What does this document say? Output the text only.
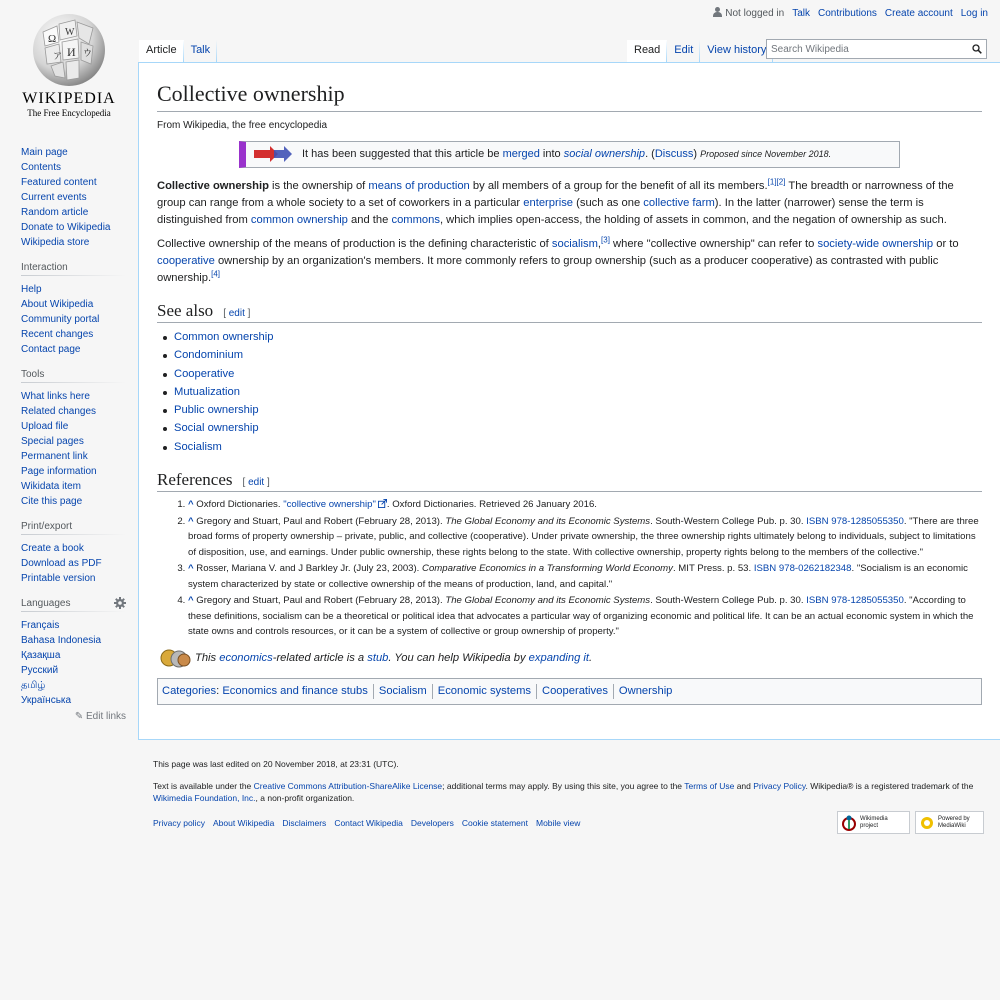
Not logged in Talk Contributions Create account Log in
Ω
W
И ウ
ア
WIKIPEDIA
The Free Encyclopedia
Main page
Contents
Featured content
Current events
Random article
Donate to Wikipedia
Wikipedia store
Interaction
Help
About Wikipedia
Community portal
Recent changes
Contact page
Tools
What links here
Related changes
Upload file
Special pages
Permanent link
Page information
Wikidata item
Cite this page
Print/export
Create a book
Download as PDF
Printable version
Languages
Français
Bahasa Indonesia
Қазақша
Русский
தமிழ்
Українська
✎ Edit links
Article	Talk	Read	Edit	View history
Search Wikipedia
Collective ownership
From Wikipedia, the free encyclopedia
It has been suggested that this article be merged into social ownership. (Discuss) Proposed since November 2018.

Collective ownership is the ownership of means of production by all members of a group for the benefit of all its members.[1][2] The breadth or narrowness of the group can range from a whole society to a set of coworkers in a particular enterprise (such as one collective farm). In the latter (narrower) sense the term is distinguished from common ownership and the commons, which implies open-access, the holding of assets in common, and the negation of ownership as such.

Collective ownership of the means of production is the defining characteristic of socialism,[3] where "collective ownership" can refer to society-wide ownership or to cooperative ownership by an organization's members. It more commonly refers to group ownership (such as a producer cooperative) as contrasted with public ownership.[4]

See also [ edit ]
Common ownership
Condominium
Cooperative
Mutualization
Public ownership
Social ownership
Socialism
References [ edit ]
1. ^ Oxford Dictionaries. "collective ownership" . Oxford Dictionaries. Retrieved 26 January 2016.
2. ^ Gregory and Stuart, Paul and Robert (February 28, 2013). The Global Economy and its Economic Systems. South-Western College Pub. p. 30. ISBN 978-1285055350. "There are three broad forms of property ownership – private, public, and collective (cooperative). Under private ownership, the three ownership rights ultimately belong to individuals, subject to limitations of disposition, use, and earnings. Under public ownership, these rights belong to the state. With collective ownership, property rights belong to the members of the collective."
3. ^ Rosser, Mariana V. and J Barkley Jr. (July 23, 2003). Comparative Economics in a Transforming World Economy. MIT Press. p. 53. ISBN 978-0262182348. "Socialism is an economic system characterized by state or collective ownership of the means of production, land, and capital."
4. ^ Gregory and Stuart, Paul and Robert (February 28, 2013). The Global Economy and its Economic Systems. South-Western College Pub. p. 30. ISBN 978-1285055350. "According to these definitions, socialism can be a theoretical or political idea that advocates a particular way of organizing economic and political life. It can be an actual economic system in which the state owns and controls resources, or it can be a system of collective or group ownership of property."
This economics-related article is a stub. You can help Wikipedia by expanding it.
Categories : Economics and finance stubs Socialism Economic systems Cooperatives Ownership

This page was last edited on 20 November 2018, at 23:31 (UTC).

Text is available under the Creative Commons Attribution-ShareAlike License; additional terms may apply. By using this site, you agree to the Terms of Use and Privacy Policy. Wikipedia® is a registered trademark of the Wikimedia Foundation, Inc., a non-profit organization.

Privacy policy About Wikipedia Disclaimers Contact Wikipedia Developers Cookie statement Mobile view	Wikimedia project
Powered by MediaWiki
